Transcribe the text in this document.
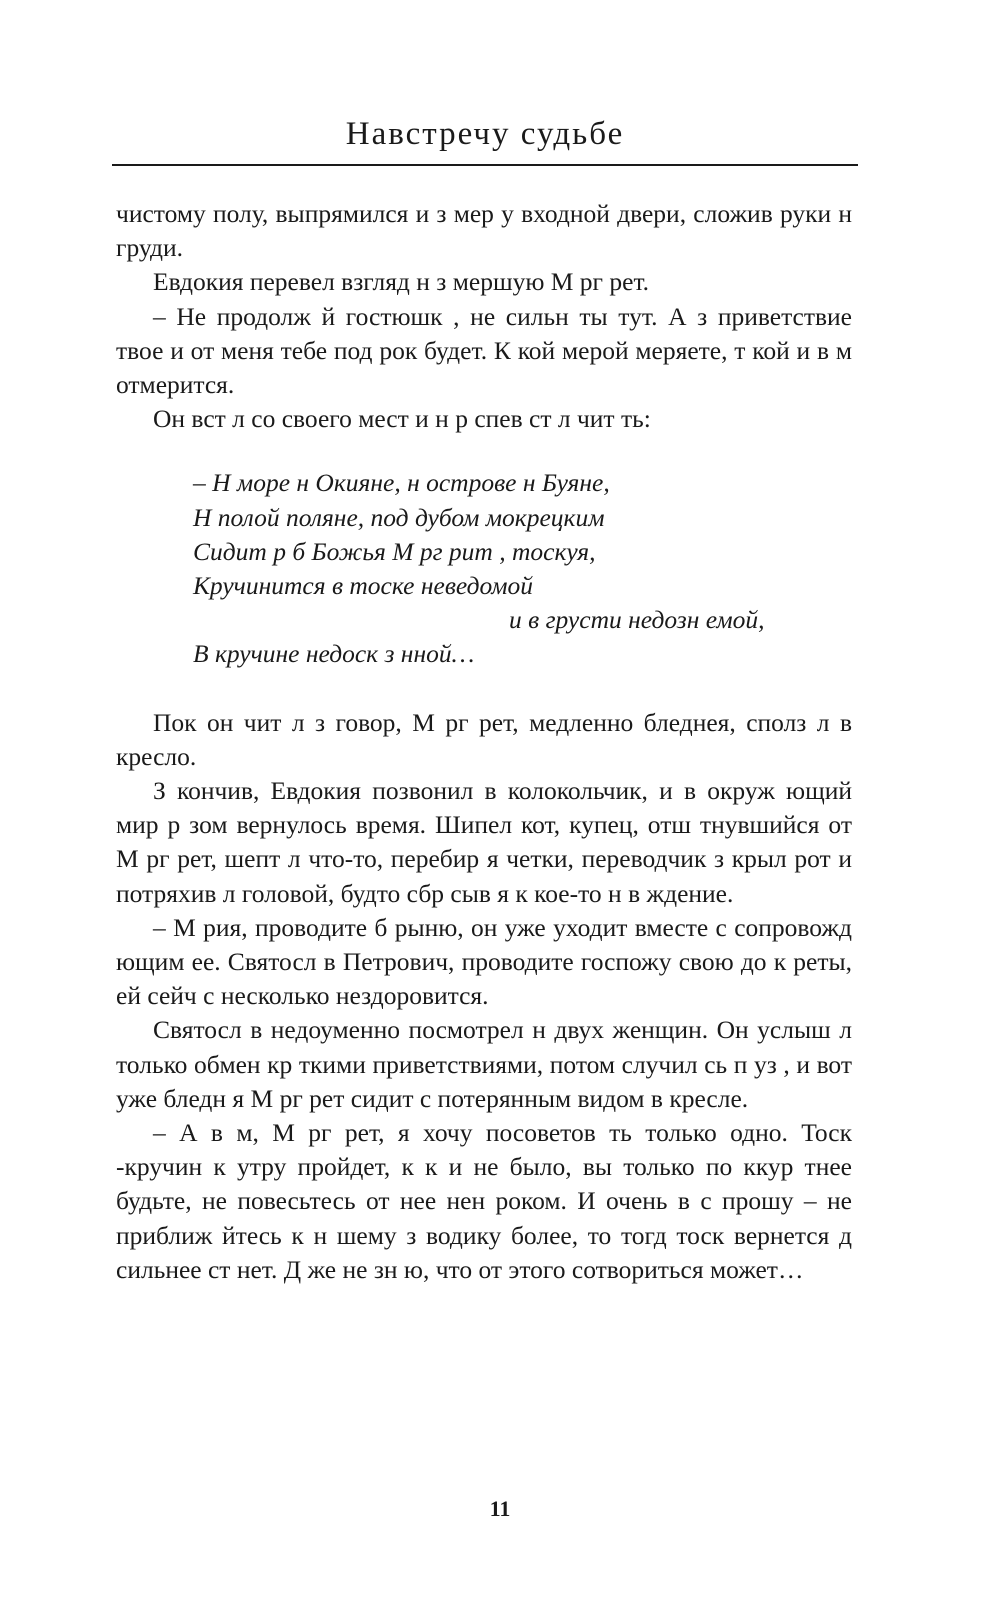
Навстречу судьбе

чистому полу, выпрямился и з мер у входной двери, сложив руки н груди.

Евдокия перевел взгляд н з мершую М рг рет.

– Не продолж й гостюшк , не сильн ты тут. А з приветствие твое и от меня тебе под рок будет. К кой мерой меряете, т кой и в м отмерится.

Он вст л со своего мест и н р спев ст л чит ть:

– Н море н Окияне, н острове н Буяне,

Н полой поляне, под дубом мокрецким

Сидит р б Божья М рг рит , тоскуя,

Кручинится в тоске неведомой

и в грусти недозн емой,

В кручине недоск з нной…

Пок он чит л з говор, М рг рет, медленно бледнея, сполз л в кресло.

З кончив, Евдокия позвонил в колокольчик, и в окруж ющий мир р зом вернулось время. Шипел кот, купец, отш тнувшийся от М рг рет, шепт л что-то, перебир я четки, переводчик з крыл рот и потряхив л головой, будто сбр сыв я к кое-то н в ждение.

– М рия, проводите б рыню, он уже уходит вместе с сопровожд ющим ее. Святосл в Петрович, проводите госпожу свою до к реты, ей сейч с несколько нездоровится.

Святосл в недоуменно посмотрел н двух женщин. Он услыш л только обмен кр ткими приветствиями, потом случил сь п уз , и вот уже бледн я М рг рет сидит с потерянным видом в кресле.

– А в м, М рг рет, я хочу посоветов ть только одно. Тоск -кручин к утру пройдет, к к и не было, вы только по ккур тнее будьте, не повесьтесь от нее нен роком. И очень в с прошу – не приближ йтесь к н шему з водику более, то тогд тоск вернется д сильнее ст нет. Д же не зн ю, что от этого сотвориться может…

11
